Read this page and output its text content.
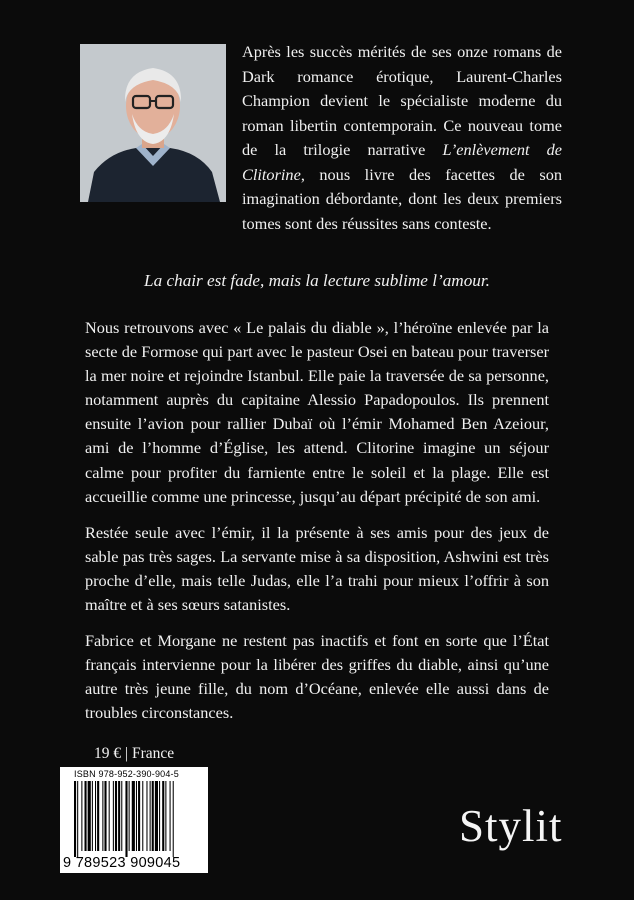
Après les succès mérités de ses onze romans de Dark romance érotique, Laurent-Charles Champion devient le spécialiste moderne du roman libertin contemporain. Ce nouveau tome de la trilogie narrative L’enlèvement de Clitorine, nous livre des facettes de son imagination débordante, dont les deux premiers tomes sont des réussites sans conteste.
La chair est fade, mais la lecture sublime l’amour.

Nous retrouvons avec « Le palais du diable », l’héroïne enlevée par la secte de Formose qui part avec le pasteur Osei en bateau pour traverser la mer noire et rejoindre Istanbul. Elle paie la traversée de sa personne, notamment auprès du capitaine Alessio Papadopoulos. Ils prennent ensuite l’avion pour rallier Dubaï où l’émir Mohamed Ben Azeiour, ami de l’homme d’Église, les attend. Clitorine imagine un séjour calme pour profiter du farniente entre le soleil et la plage. Elle est accueillie comme une princesse, jusqu’au départ précipité de son ami.

Restée seule avec l’émir, il la présente à ses amis pour des jeux de sable pas très sages. La servante mise à sa disposition, Ashwini est très proche d’elle, mais telle Judas, elle l’a trahi pour mieux l’offrir à son maître et à ses sœurs satanistes.

Fabrice et Morgane ne restent pas inactifs et font en sorte que l’État français intervienne pour la libérer des griffes du diable, ainsi qu’une autre très jeune fille, du nom d’Océane, enlevée elle aussi dans de troubles circonstances.

19 € | France
ISBN 978-952-390-904-5
9 789523 909045
Stylit
